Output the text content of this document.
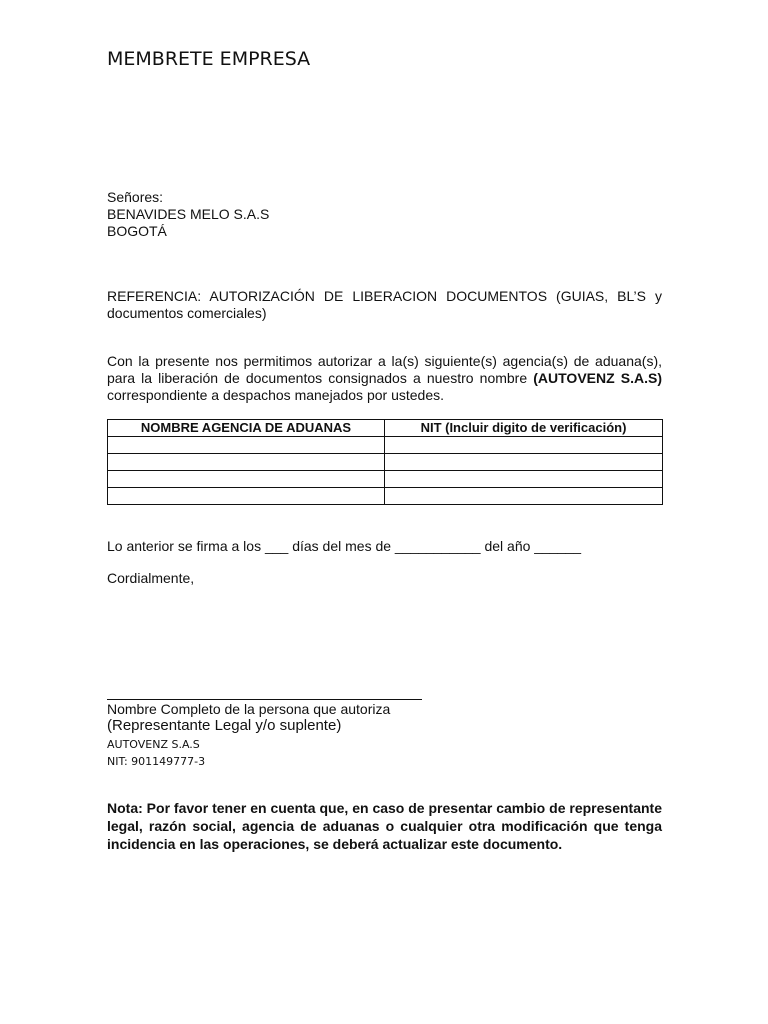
MEMBRETE EMPRESA
Señores:
BENAVIDES MELO S.A.S
BOGOTÁ

REFERENCIA: AUTORIZACIÓN DE LIBERACION DOCUMENTOS (GUIAS, BL’S y documentos comerciales)

Con la presente nos permitimos autorizar a la(s) siguiente(s) agencia(s) de aduana(s), para la liberación de documentos consignados a nuestro nombre (AUTOVENZ S.A.S) correspondiente a despachos manejados por ustedes.

NOMBRE AGENCIA DE ADUANAS	NIT (Incluir digito de verificación)

Lo anterior se firma a los ___ días del mes de ___________ del año ______
Cordialmente,
Nombre Completo de la persona que autoriza
(Representante Legal y/o suplente)
AUTOVENZ S.A.S
NIT: 901149777-3

Nota: Por favor tener en cuenta que, en caso de presentar cambio de representante legal, razón social, agencia de aduanas o cualquier otra modificación que tenga incidencia en las operaciones, se deberá actualizar este documento.
